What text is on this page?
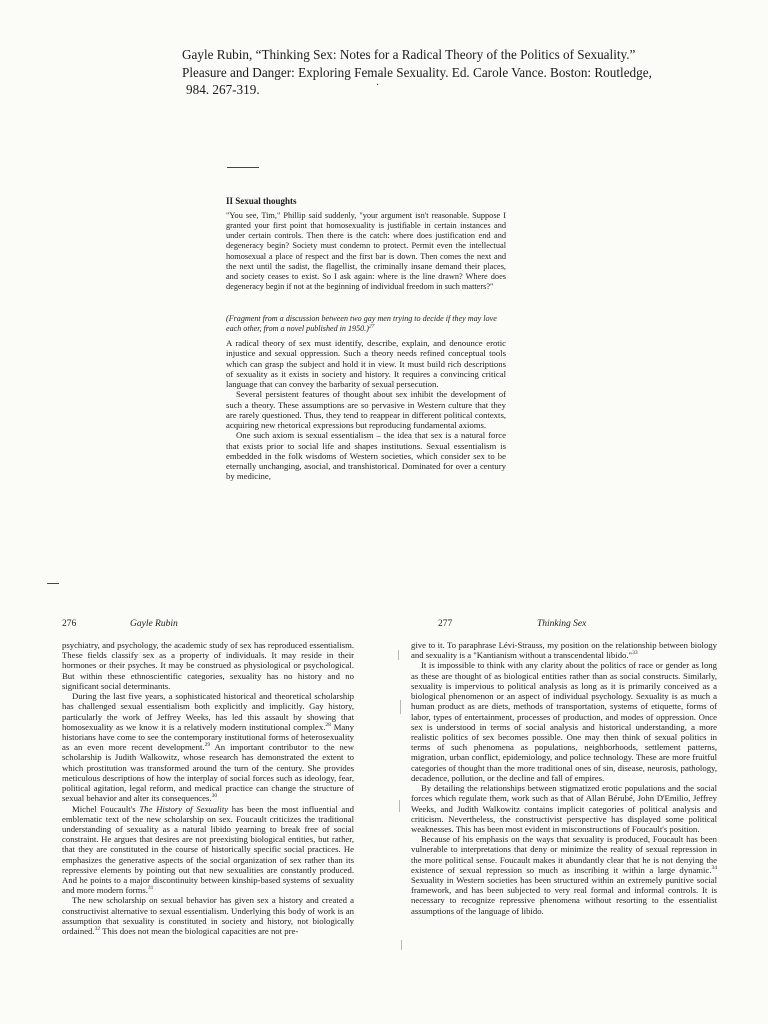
Gayle Rubin, “Thinking Sex: Notes for a Radical Theory of the Politics of Sexuality.”
Pleasure and Danger: Exploring Female Sexuality. Ed. Carole Vance. Boston: Routledge,
984. 267-319.	·
II Sexual thoughts
"You see, Tim," Phillip said suddenly, "your argument isn't reasonable. Suppose I granted your first point that homosexuality is justifiable in certain instances and under certain controls. Then there is the catch: where does justification end and degeneracy begin? Society must condemn to protect. Permit even the intellectual homosexual a place of respect and the first bar is down. Then comes the next and the next until the sadist, the flagellist, the criminally insane demand their places, and society ceases to exist. So I ask again: where is the line drawn? Where does degeneracy begin if not at the beginning of individual freedom in such matters?"
(Fragment from a discussion between two gay men trying to decide if they may love each other, from a novel published in 1950.)$^{27}$

A radical theory of sex must identify, describe, explain, and denounce erotic injustice and sexual oppression. Such a theory needs refined conceptual tools which can grasp the subject and hold it in view. It must build rich descriptions of sexuality as it exists in society and history. It requires a convincing critical language that can convey the barbarity of sexual persecution.

Several persistent features of thought about sex inhibit the development of such a theory. These assumptions are so pervasive in Western culture that they are rarely questioned. Thus, they tend to reappear in different political contexts, acquiring new rhetorical expressions but reproducing fundamental axioms.

One such axiom is sexual essentialism – the idea that sex is a natural force that exists prior to social life and shapes institutions. Sexual essentialism is embedded in the folk wisdoms of Western societies, which consider sex to be eternally unchanging, asocial, and transhistorical. Dominated for over a century by medicine,

276	Gayle Rubin

psychiatry, and psychology, the academic study of sex has reproduced essentialism. These fields classify sex as a property of individuals. It may reside in their hormones or their psyches. It may be construed as physiological or psychological. But within these ethnoscientific categories, sexuality has no history and no significant social determinants.

During the last five years, a sophisticated historical and theoretical scholarship has challenged sexual essentialism both explicitly and implicitly. Gay history, particularly the work of Jeffrey Weeks, has led this assault by showing that homosexuality as we know it is a relatively modern institutional complex.$^{28}$ Many historians have come to see the contemporary institutional forms of heterosexuality as an even more recent development.$^{29}$ An important contributor to the new scholarship is Judith Walkowitz, whose research has demonstrated the extent to which prostitution was transformed around the turn of the century. She provides meticulous descriptions of how the interplay of social forces such as ideology, fear, political agitation, legal reform, and medical practice can change the structure of sexual behavior and alter its consequences.$^{30}$

Michel Foucault's The History of Sexuality has been the most influential and emblematic text of the new scholarship on sex. Foucault criticizes the traditional understanding of sexuality as a natural libido yearning to break free of social constraint. He argues that desires are not preexisting biological entities, but rather, that they are constituted in the course of historically specific social practices. He emphasizes the generative aspects of the social organization of sex rather than its repressive elements by pointing out that new sexualities are constantly produced. And he points to a major discontinuity between kinship-based systems of sexuality and more modern forms.$^{31}$

The new scholarship on sexual behavior has given sex a history and created a constructivist alternative to sexual essentialism. Underlying this body of work is an assumption that sexuality is constituted in society and history, not biologically ordained.$^{32}$ This does not mean the biological capacities are not pre-

277	Thinking Sex

give to it. To paraphrase Lévi-Strauss, my position on the relationship between biology and sexuality is a "Kantianism without a transcendental libido."$^{33}$

It is impossible to think with any clarity about the politics of race or gender as long as these are thought of as biological entities rather than as social constructs. Similarly, sexuality is impervious to political analysis as long as it is primarily conceived as a biological phenomenon or an aspect of individual psychology. Sexuality is as much a human product as are diets, methods of transportation, systems of etiquette, forms of labor, types of entertainment, processes of production, and modes of oppression. Once sex is understood in terms of social analysis and historical understanding, a more realistic politics of sex becomes possible. One may then think of sexual politics in terms of such phenomena as populations, neighborhoods, settlement patterns, migration, urban conflict, epidemiology, and police technology. These are more fruitful categories of thought than the more traditional ones of sin, disease, neurosis, pathology, decadence, pollution, or the decline and fall of empires.

By detailing the relationships between stigmatized erotic populations and the social forces which regulate them, work such as that of Allan Bérubé, John D'Emilio, Jeffrey Weeks, and Judith Walkowitz contains implicit categories of political analysis and criticism. Nevertheless, the constructivist perspective has displayed some political weaknesses. This has been most evident in misconstructions of Foucault's position.

Because of his emphasis on the ways that sexuality is produced, Foucault has been vulnerable to interpretations that deny or minimize the reality of sexual repression in the more political sense. Foucault makes it abundantly clear that he is not denying the existence of sexual repression so much as inscribing it within a large dynamic.$^{34}$ Sexuality in Western societies has been structured within an extremely punitive social framework, and has been subjected to very real formal and informal controls. It is necessary to recognize repressive phenomena without resorting to the essentialist assumptions of the language of libido.
